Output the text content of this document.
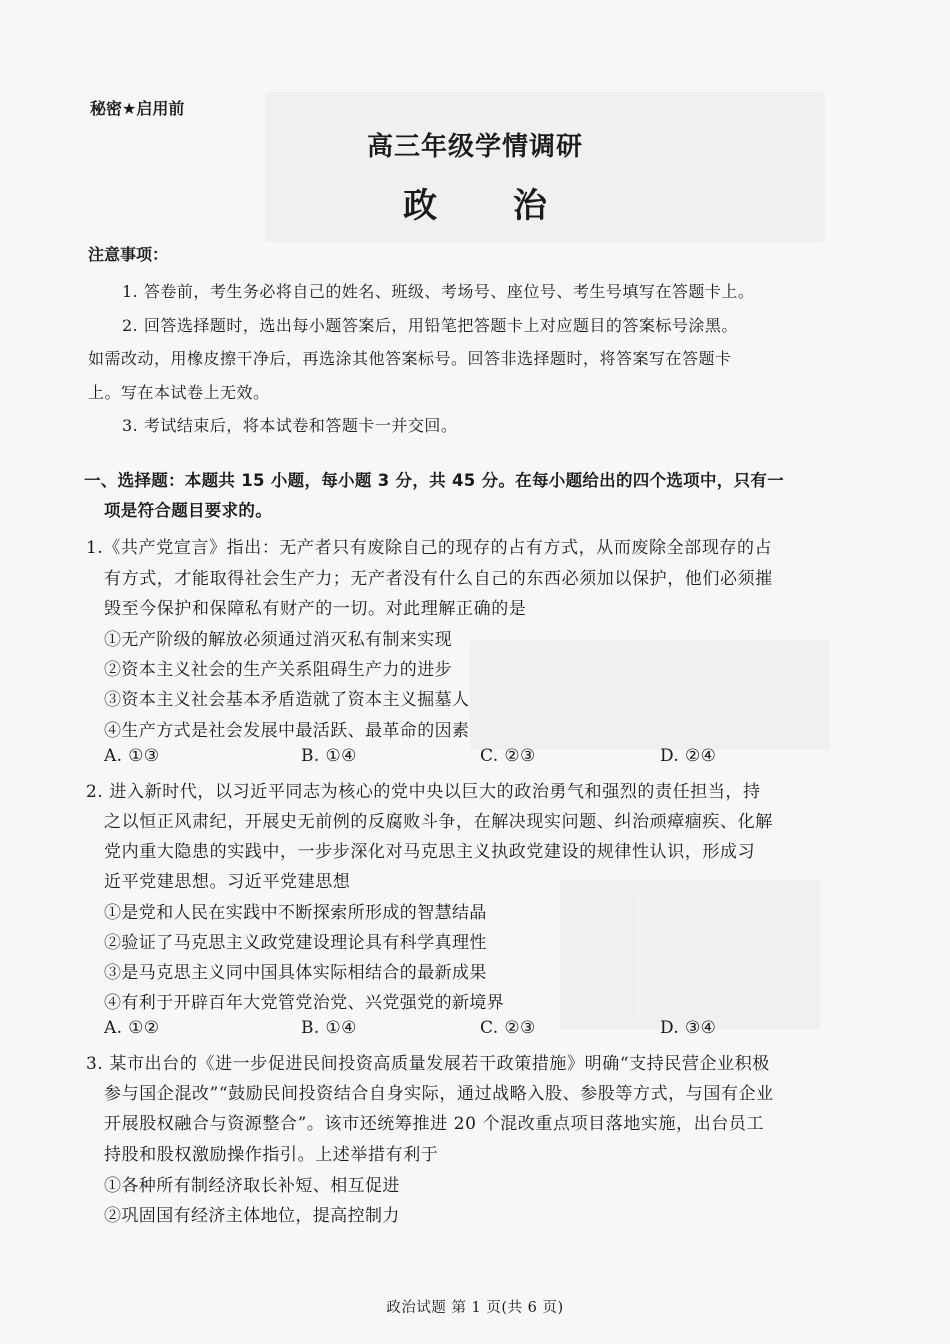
秘密★启用前
高三年级学情调研
政 治
注意事项：
1. 答卷前，考生务必将自己的姓名、班级、考场号、座位号、考生号填写在答题卡上。
2. 回答选择题时，选出每小题答案后，用铅笔把答题卡上对应题目的答案标号涂黑。
如需改动，用橡皮擦干净后，再选涂其他答案标号。回答非选择题时，将答案写在答题卡
上。写在本试卷上无效。
3. 考试结束后，将本试卷和答题卡一并交回。
一、选择题：本题共 15 小题，每小题 3 分，共 45 分。在每小题给出的四个选项中，只有一
项是符合题目要求的。
1.《共产党宣言》指出：无产者只有废除自己的现存的占有方式，从而废除全部现存的占
有方式，才能取得社会生产力；无产者没有什么自己的东西必须加以保护，他们必须摧
毁至今保护和保障私有财产的一切。对此理解正确的是
①无产阶级的解放必须通过消灭私有制来实现
②资本主义社会的生产关系阻碍生产力的进步
③资本主义社会基本矛盾造就了资本主义掘墓人
④生产方式是社会发展中最活跃、最革命的因素
A. ①③	B. ①④	C. ②③	D. ②④
2. 进入新时代，以习近平同志为核心的党中央以巨大的政治勇气和强烈的责任担当，持
之以恒正风肃纪，开展史无前例的反腐败斗争，在解决现实问题、纠治顽瘴痼疾、化解
党内重大隐患的实践中，一步步深化对马克思主义执政党建设的规律性认识，形成习
近平党建思想。习近平党建思想
①是党和人民在实践中不断探索所形成的智慧结晶
②验证了马克思主义政党建设理论具有科学真理性
③是马克思主义同中国具体实际相结合的最新成果
④有利于开辟百年大党管党治党、兴党强党的新境界
A. ①②	B. ①④	C. ②③	D. ③④
3. 某市出台的《进一步促进民间投资高质量发展若干政策措施》明确“支持民营企业积极
参与国企混改”“鼓励民间投资结合自身实际，通过战略入股、参股等方式，与国有企业
开展股权融合与资源整合”。该市还统筹推进 20 个混改重点项目落地实施，出台员工
持股和股权激励操作指引。上述举措有利于
①各种所有制经济取长补短、相互促进
②巩固国有经济主体地位，提高控制力
政治试题 第 1 页(共 6 页)
